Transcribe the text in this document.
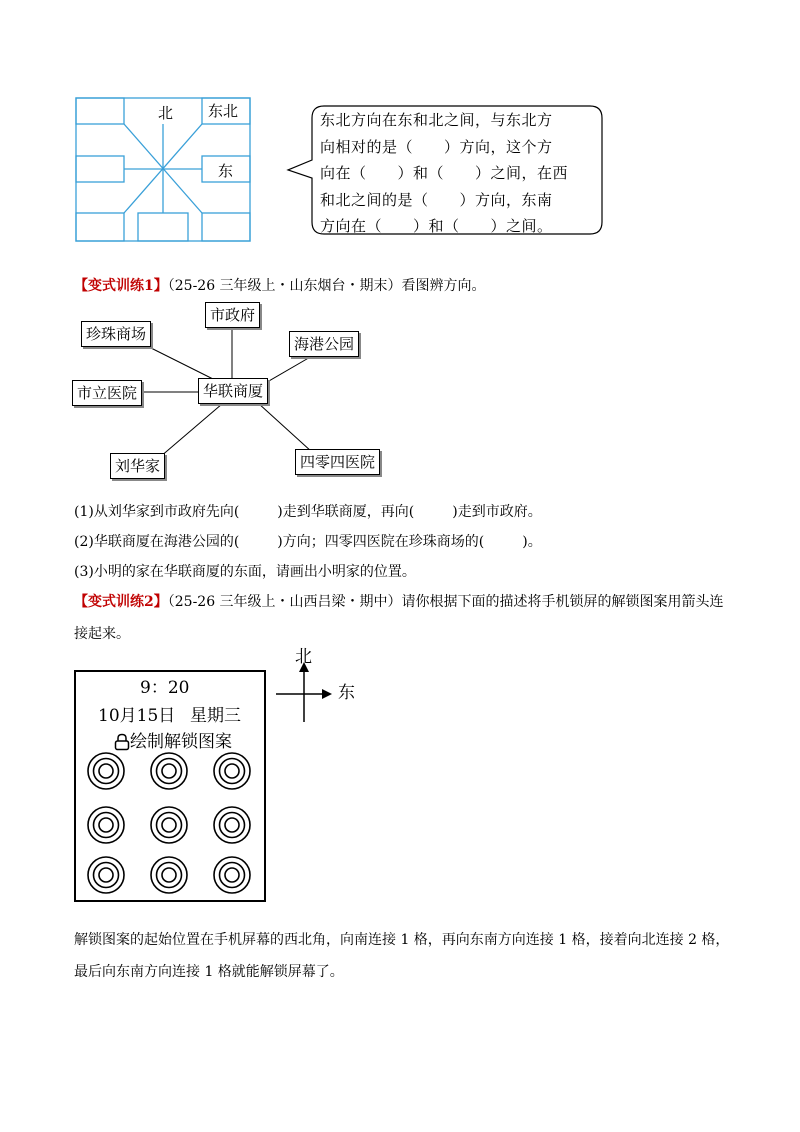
北 东北
东
东北方向在东和北之间，与东北方
向相对的是（　　）方向，这个方
向在（　　）和（　　）之间，在西
和北之间的是（　　）方向，东南
方向在（　　）和（　　）之间。
【变式训练1】（25-26 三年级上・山东烟台・期末）看图辨方向。
市政府
珍珠商场
海港公园
市立医院	华联商厦
刘华家	四零四医院
(1)从刘华家到市政府先向(	)走到华联商厦，再向(	)走到市政府。
(2)华联商厦在海港公园的(	)方向；四零四医院在珍珠商场的(	)。
(3)小明的家在华联商厦的东面，请画出小明家的位置。
【变式训练2】（25-26 三年级上・山西吕梁・期中）请你根据下面的描述将手机锁屏的解锁图案用箭头连
接起来。
9：20
10月15日 星期三
绘制解锁图案
北
东
解锁图案的起始位置在手机屏幕的西北角，向南连接 1 格，再向东南方向连接 1 格，接着向北连接 2 格，
最后向东南方向连接 1 格就能解锁屏幕了。
